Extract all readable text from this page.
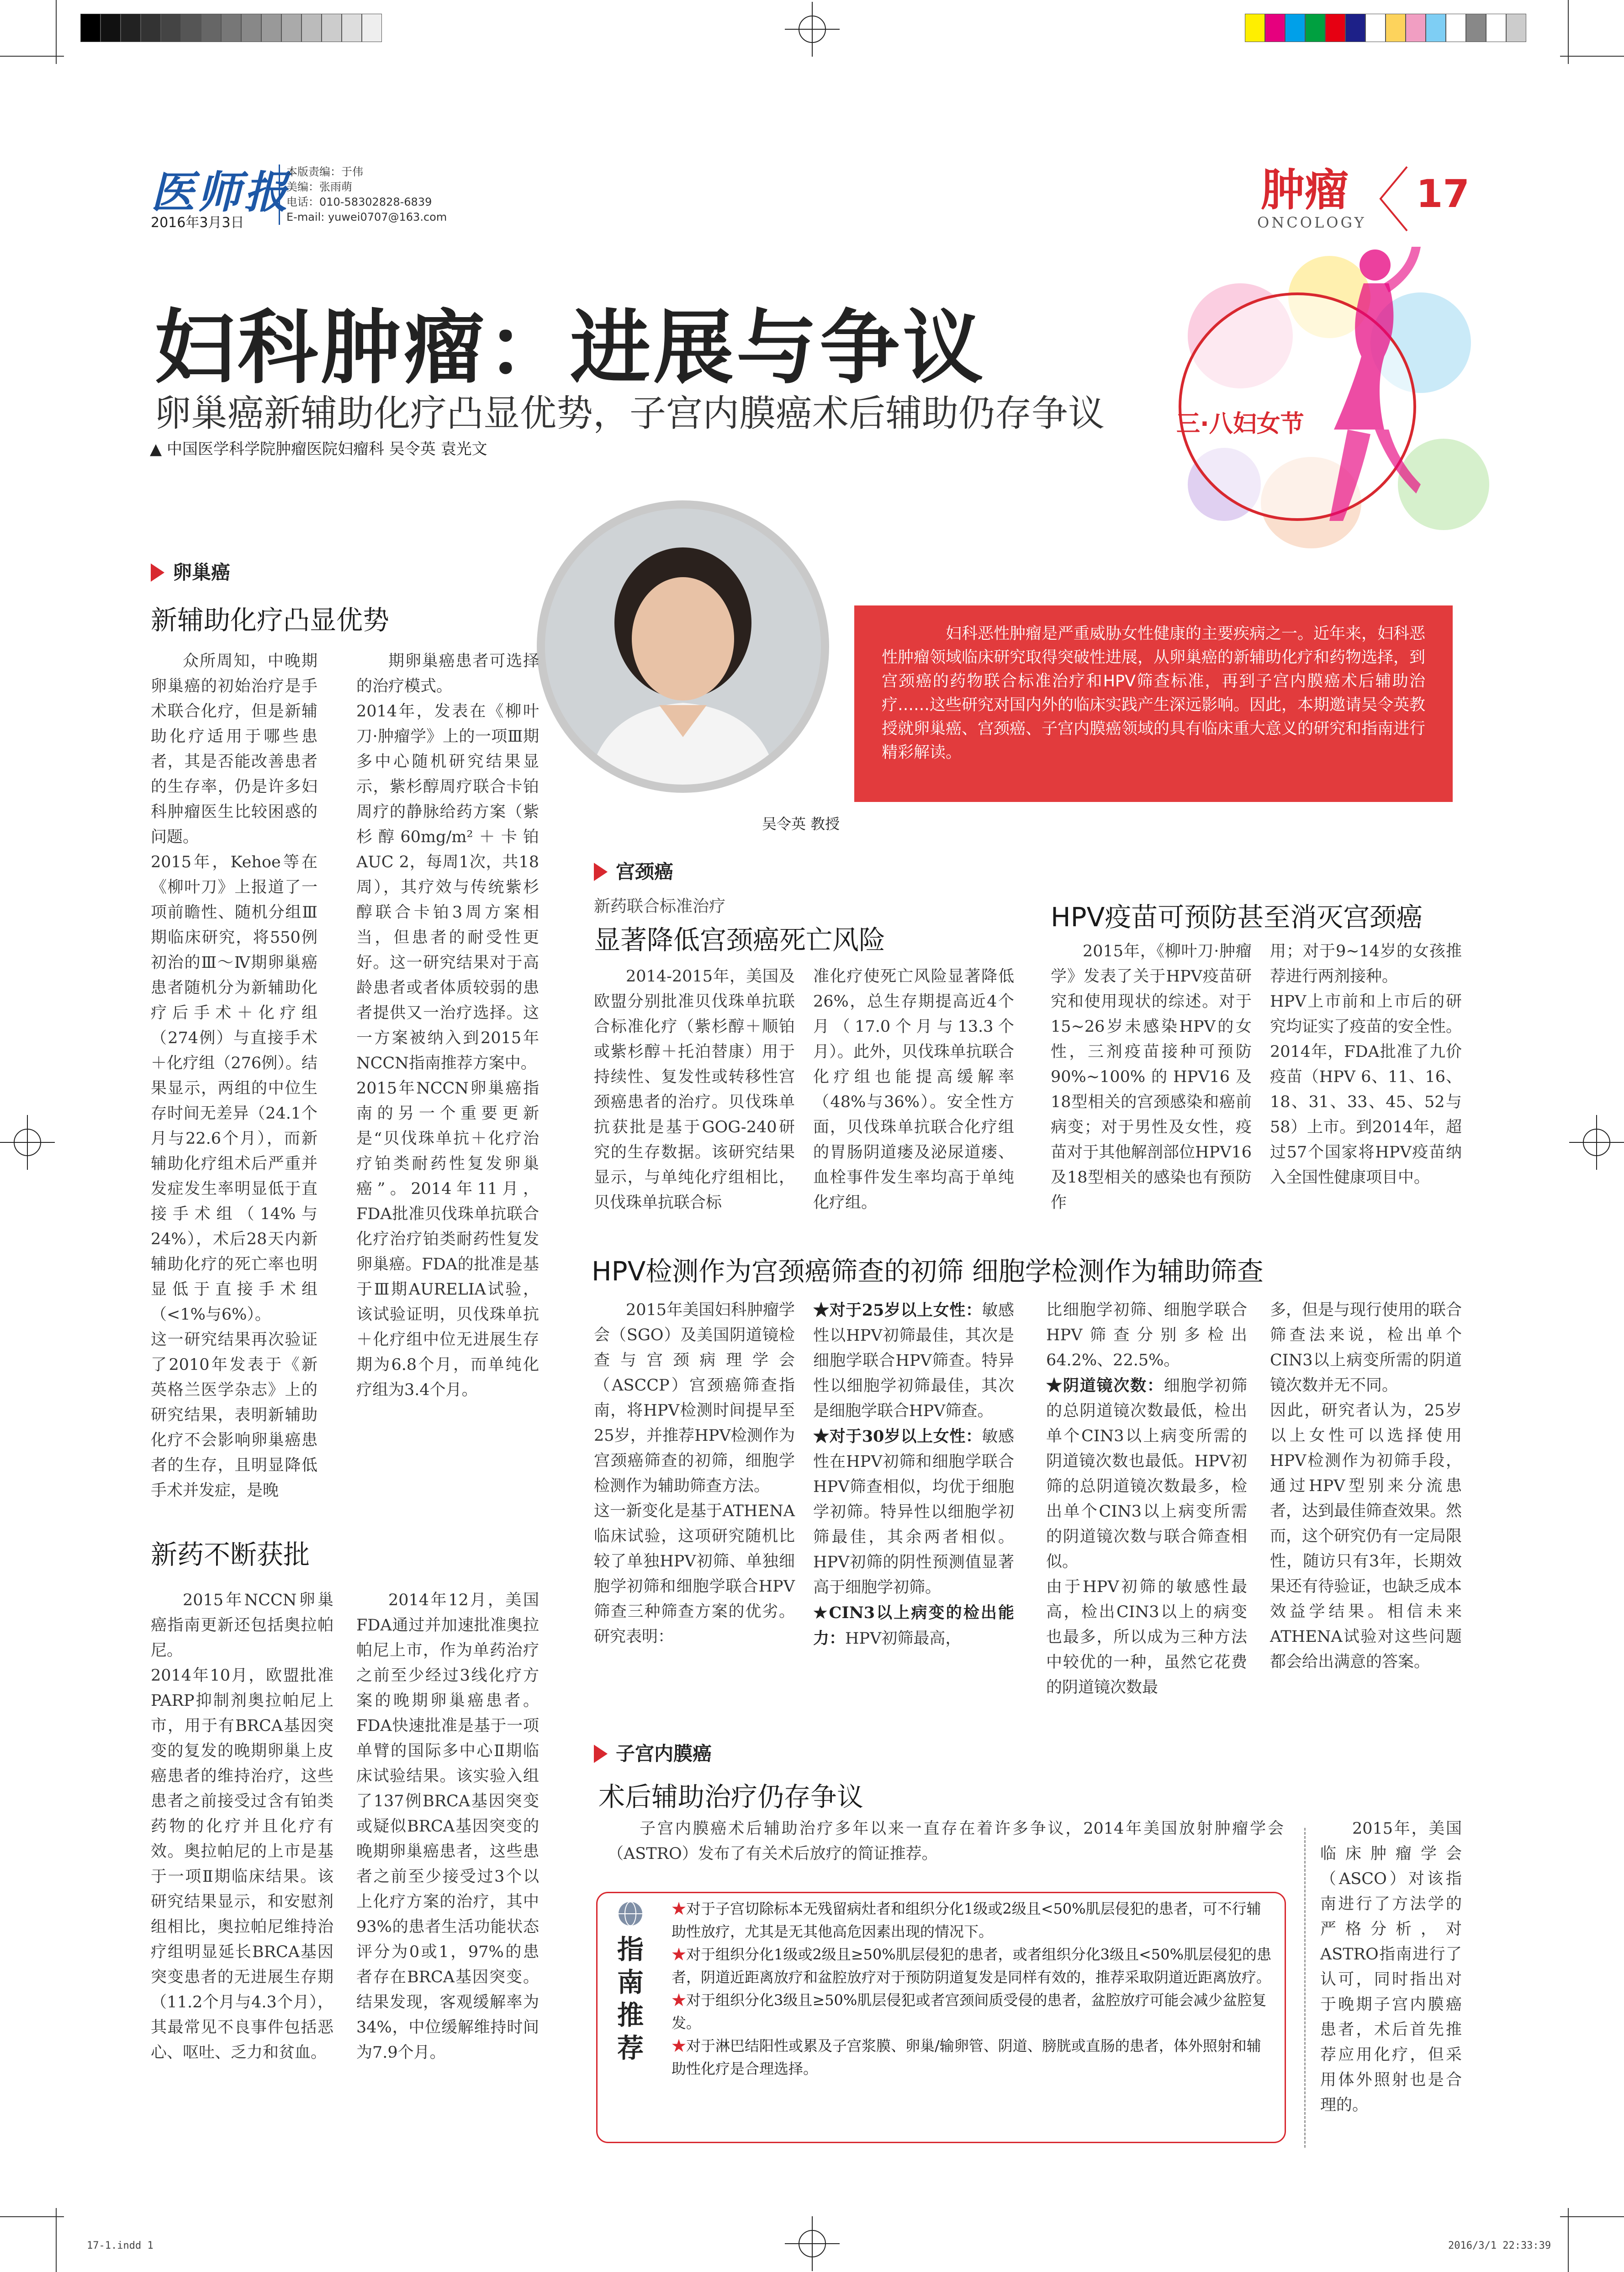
医师报
2016年3月3日
本版责编：于伟
美编：张雨萌
电话：010-58302828-6839
E-mail: yuwei0707@163.com
肿瘤
ONCOLOGY
17
三·八妇女节
妇科肿瘤：进展与争议
卵巢癌新辅助化疗凸显优势，子宫内膜癌术后辅助仍存争议
▲ 中国医学科学院肿瘤医院妇瘤科 吴令英 袁光文

妇科恶性肿瘤是严重威胁女性健康的主要疾病之一。近年来，妇科恶性肿瘤领域临床研究取得突破性进展，从卵巢癌的新辅助化疗和药物选择，到宫颈癌的药物联合标准治疗和HPV筛查标准，再到子宫内膜癌术后辅助治疗……这些研究对国内外的临床实践产生深远影响。因此，本期邀请吴令英教授就卵巢癌、宫颈癌、子宫内膜癌领域的具有临床重大意义的研究和指南进行精彩解读。

吴令英 教授
卵巢癌
新辅助化疗凸显优势

众所周知，中晚期卵巢癌的初始治疗是手术联合化疗，但是新辅助化疗适用于哪些患者，其是否能改善患者的生存率，仍是许多妇科肿瘤医生比较困惑的问题。
2015年，Kehoe等在《柳叶刀》上报道了一项前瞻性、随机分组Ⅲ期临床研究，将550例初治的Ⅲ～Ⅳ期卵巢癌患者随机分为新辅助化疗后手术＋化疗组（274例）与直接手术＋化疗组（276例）。结果显示，两组的中位生存时间无差异（24.1个月与22.6个月），而新辅助化疗组术后严重并发症发生率明显低于直接手术组（14%与24%），术后28天内新辅助化疗的死亡率也明显低于直接手术组（<1%与6%）。
这一研究结果再次验证了2010年发表于《新英格兰医学杂志》上的研究结果，表明新辅助化疗不会影响卵巢癌患者的生存，且明显降低手术并发症，是晚

期卵巢癌患者可选择的治疗模式。
2014年，发表在《柳叶刀·肿瘤学》上的一项Ⅲ期多中心随机研究结果显示，紫杉醇周疗联合卡铂周疗的静脉给药方案（紫杉醇60mg/m²＋卡铂AUC 2，每周1次，共18周），其疗效与传统紫杉醇联合卡铂3周方案相当，但患者的耐受性更好。这一研究结果对于高龄患者或者体质较弱的患者提供又一治疗选择。这一方案被纳入到2015年NCCN指南推荐方案中。
2015年NCCN卵巢癌指南的另一个重要更新是“贝伐珠单抗＋化疗治疗铂类耐药性复发卵巢癌”。2014年11月，FDA批准贝伐珠单抗联合化疗治疗铂类耐药性复发卵巢癌。FDA的批准是基于Ⅲ期AURELIA试验，该试验证明，贝伐珠单抗＋化疗组中位无进展生存期为6.8个月，而单纯化疗组为3.4个月。

新药不断获批

2015年NCCN卵巢癌指南更新还包括奥拉帕尼。
2014年10月，欧盟批准PARP抑制剂奥拉帕尼上市，用于有BRCA基因突变的复发的晚期卵巢上皮癌患者的维持治疗，这些患者之前接受过含有铂类药物的化疗并且化疗有效。奥拉帕尼的上市是基于一项Ⅱ期临床结果。该研究结果显示，和安慰剂组相比，奥拉帕尼维持治疗组明显延长BRCA基因突变患者的无进展生存期（11.2个月与4.3个月），其最常见不良事件包括恶心、呕吐、乏力和贫血。

2014年12月，美国FDA通过并加速批准奥拉帕尼上市，作为单药治疗之前至少经过3线化疗方案的晚期卵巢癌患者。FDA快速批准是基于一项单臂的国际多中心Ⅱ期临床试验结果。该实验入组了137例BRCA基因突变或疑似BRCA基因突变的晚期卵巢癌患者，这些患者之前至少接受过3个以上化疗方案的治疗，其中93%的患者生活功能状态评分为0或1，97%的患者存在BRCA基因突变。结果发现，客观缓解率为34%，中位缓解维持时间为7.9个月。

宫颈癌
新药联合标准治疗
显著降低宫颈癌死亡风险
HPV疫苗可预防甚至消灭宫颈癌

2014-2015年，美国及欧盟分别批准贝伐珠单抗联合标准化疗（紫杉醇＋顺铂或紫杉醇＋托泊替康）用于持续性、复发性或转移性宫颈癌患者的治疗。贝伐珠单抗获批是基于GOG-240研究的生存数据。该研究结果显示，与单纯化疗组相比，贝伐珠单抗联合标

准化疗使死亡风险显著降低26%，总生存期提高近4个月（17.0个月与13.3个月）。此外，贝伐珠单抗联合化疗组也能提高缓解率（48%与36%）。安全性方面，贝伐珠单抗联合化疗组的胃肠阴道瘘及泌尿道瘘、血栓事件发生率均高于单纯化疗组。

2015年，《柳叶刀·肿瘤学》发表了关于HPV疫苗研究和使用现状的综述。对于15~26岁未感染HPV的女性，三剂疫苗接种可预防90%~100%的HPV16及18型相关的宫颈感染和癌前病变；对于男性及女性，疫苗对于其他解剖部位HPV16及18型相关的感染也有预防作

用；对于9~14岁的女孩推荐进行两剂接种。
HPV上市前和上市后的研究均证实了疫苗的安全性。2014年，FDA批准了九价疫苗（HPV 6、11、16、18、31、33、45、52与58）上市。到2014年，超过57个国家将HPV疫苗纳入全国性健康项目中。

HPV检测作为宫颈癌筛查的初筛 细胞学检测作为辅助筛查

2015年美国妇科肿瘤学会（SGO）及美国阴道镜检查与宫颈病理学会（ASCCP）宫颈癌筛查指南，将HPV检测时间提早至25岁，并推荐HPV检测作为宫颈癌筛查的初筛，细胞学检测作为辅助筛查方法。
这一新变化是基于ATHENA临床试验，这项研究随机比较了单独HPV初筛、单独细胞学初筛和细胞学联合HPV筛查三种筛查方案的优劣。研究表明：

★对于25岁以上女性：敏感性以HPV初筛最佳，其次是细胞学联合HPV筛查。特异性以细胞学初筛最佳，其次是细胞学联合HPV筛查。
★对于30岁以上女性：敏感性在HPV初筛和细胞学联合HPV筛查相似，均优于细胞学初筛。特异性以细胞学初筛最佳，其余两者相似。HPV初筛的阴性预测值显著高于细胞学初筛。
★CIN3以上病变的检出能力：HPV初筛最高，

比细胞学初筛、细胞学联合HPV筛查分别多检出64.2%、22.5%。
★阴道镜次数：细胞学初筛的总阴道镜次数最低，检出单个CIN3以上病变所需的阴道镜次数也最低。HPV初筛的总阴道镜次数最多，检出单个CIN3以上病变所需的阴道镜次数与联合筛查相似。
由于HPV初筛的敏感性最高，检出CIN3以上的病变也最多，所以成为三种方法中较优的一种，虽然它花费的阴道镜次数最

多，但是与现行使用的联合筛查法来说，检出单个CIN3以上病变所需的阴道镜次数并无不同。
因此，研究者认为，25岁以上女性可以选择使用HPV检测作为初筛手段，通过HPV型别来分流患者，达到最佳筛查效果。然而，这个研究仍有一定局限性，随访只有3年，长期效果还有待验证，也缺乏成本效益学结果。相信未来ATHENA试验对这些问题都会给出满意的答案。

子宫内膜癌
术后辅助治疗仍存争议

子宫内膜癌术后辅助治疗多年以来一直存在着许多争议，2014年美国放射肿瘤学会（ASTRO）发布了有关术后放疗的简证推荐。

指南推荐
★对于子宫切除标本无残留病灶者和组织分化1级或2级且<50%肌层侵犯的患者，可不行辅助性放疗，尤其是无其他高危因素出现的情况下。
★对于组织分化1级或2级且≥50%肌层侵犯的患者，或者组织分化3级且<50%肌层侵犯的患者，阴道近距离放疗和盆腔放疗对于预防阴道复发是同样有效的，推荐采取阴道近距离放疗。
★对于组织分化3级且≥50%肌层侵犯或者宫颈间质受侵的患者，盆腔放疗可能会减少盆腔复发。
★对于淋巴结阳性或累及子宫浆膜、卵巢/输卵管、阴道、膀胱或直肠的患者，体外照射和辅助性化疗是合理选择。

2015年，美国临床肿瘤学会（ASCO）对该指南进行了方法学的严格分析，对ASTRO指南进行了认可，同时指出对于晚期子宫内膜癌患者，术后首先推荐应用化疗，但采用体外照射也是合理的。

17-1.indd 1	2016/3/1 22:33:39
